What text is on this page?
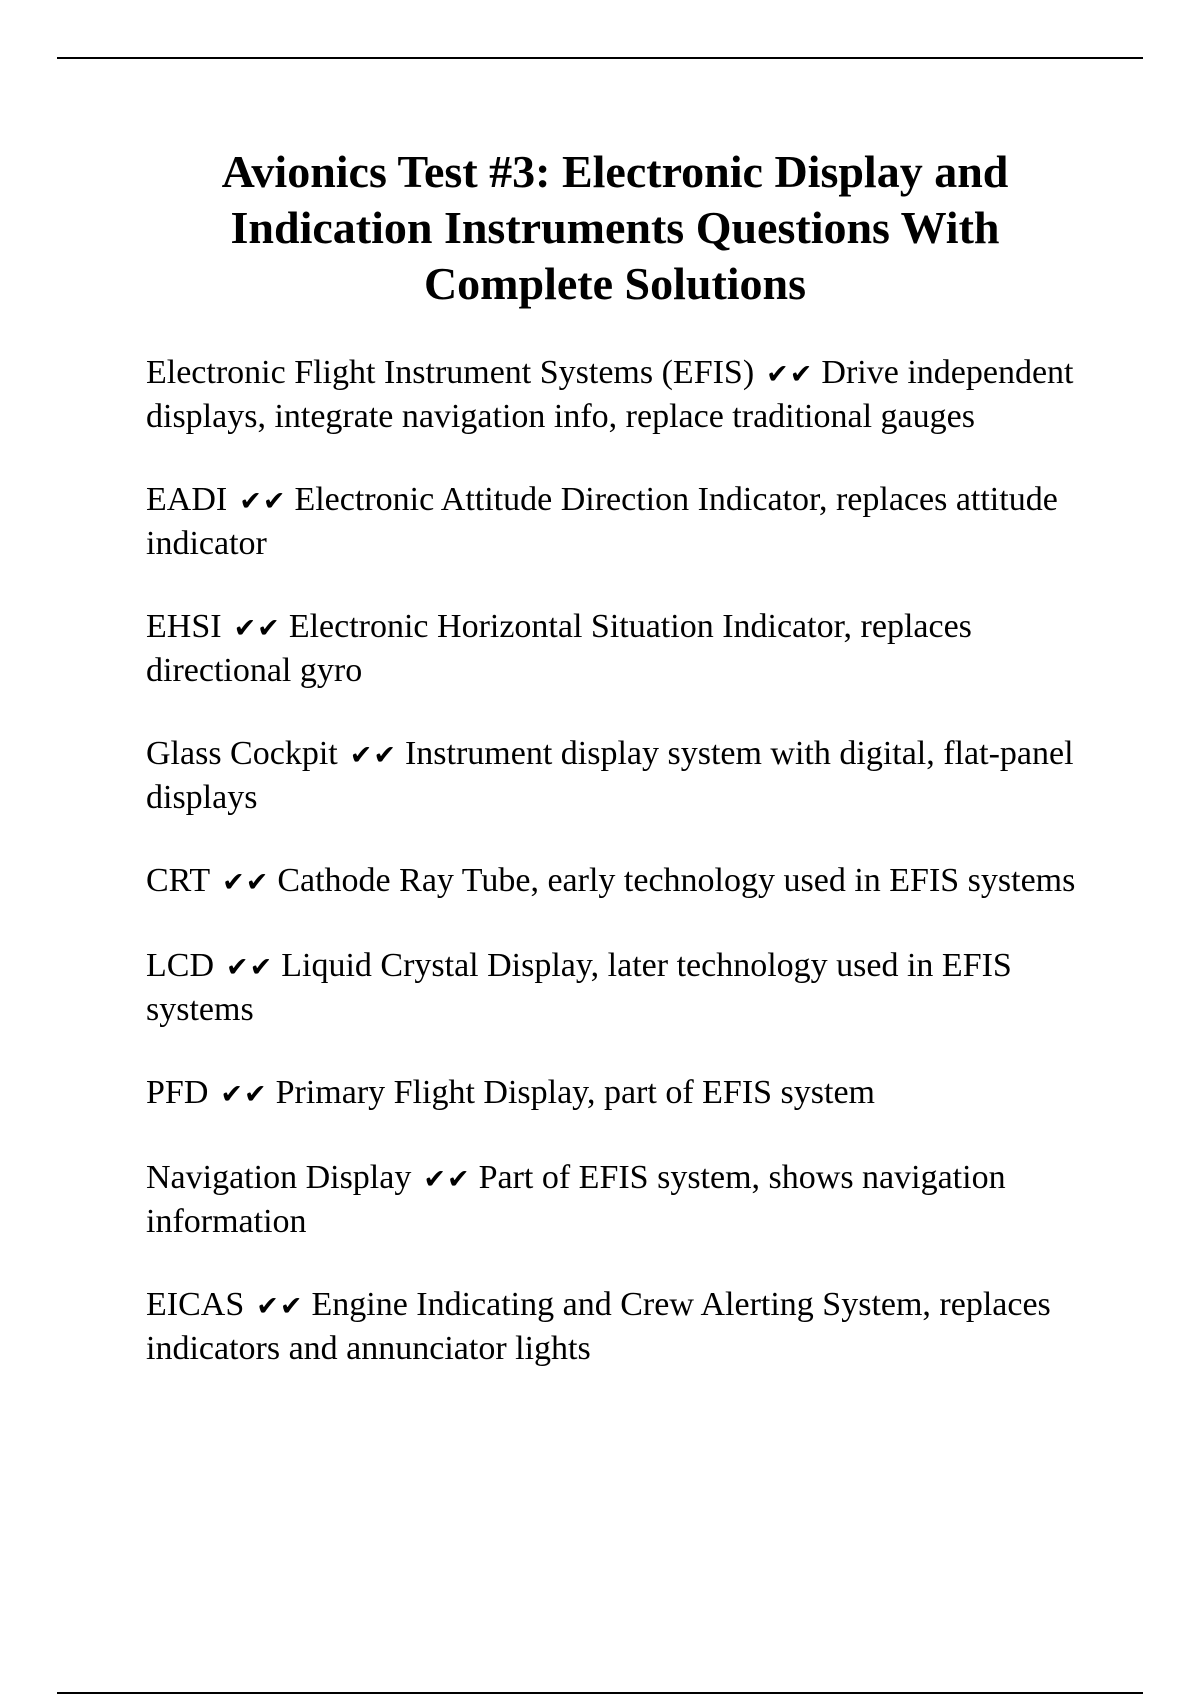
Avionics Test #3: Electronic Display and Indication Instruments Questions With Complete Solutions
Electronic Flight Instrument Systems (EFIS) ✔✔ Drive independent displays, integrate navigation info, replace traditional gauges
EADI ✔✔ Electronic Attitude Direction Indicator, replaces attitude indicator
EHSI ✔✔ Electronic Horizontal Situation Indicator, replaces directional gyro
Glass Cockpit ✔✔ Instrument display system with digital, flat-panel displays
CRT ✔✔ Cathode Ray Tube, early technology used in EFIS systems
LCD ✔✔ Liquid Crystal Display, later technology used in EFIS systems
PFD ✔✔ Primary Flight Display, part of EFIS system
Navigation Display ✔✔ Part of EFIS system, shows navigation information
EICAS ✔✔ Engine Indicating and Crew Alerting System, replaces indicators and annunciator lights
